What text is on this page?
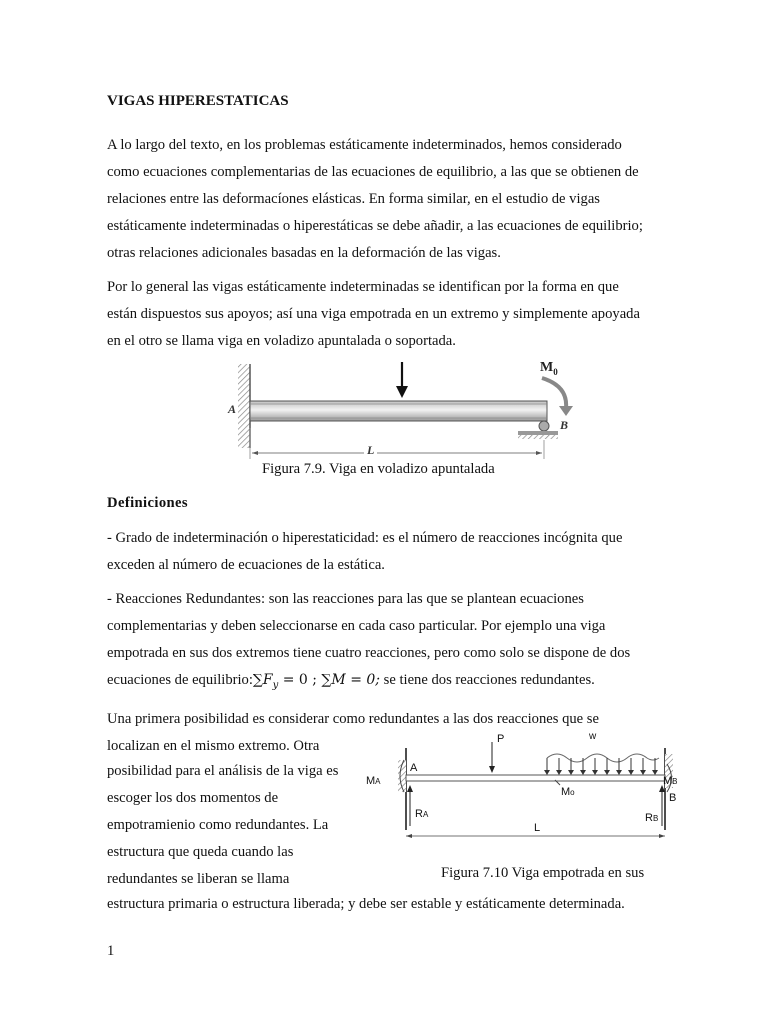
VIGAS HIPERESTATICAS
A lo largo del texto, en los problemas estáticamente indeterminados, hemos considerado
como ecuaciones complementarias de las ecuaciones de equilibrio, a las que se obtienen de
relaciones entre las deformacíones elásticas. En forma similar, en el estudio de vigas
estáticamente indeterminadas o hiperestáticas se debe añadir, a las ecuaciones de equilibrio;
otras relaciones adicionales basadas en la deformación de las vigas.
Por lo general las vigas estáticamente indeterminadas se identifican por la forma en que
están dispuestos sus apoyos; así una viga empotrada en un extremo y simplemente apoyada
en el otro se llama viga en voladizo apuntalada o soportada.
A
B
L
$M_0$
Figura 7.9. Viga en voladizo apuntalada
Definiciones
- Grado de indeterminación o hiperestaticidad: es el número de reacciones incógnita que
exceden al número de ecuaciones de la estática.
- Reacciones Redundantes: son las reacciones para las que se plantean ecuaciones
complementarias y deben seleccionarse en cada caso particular. Por ejemplo una viga
empotrada en sus dos extremos tiene cuatro reacciones, pero como solo se dispone de dos
ecuaciones de $equilibrio:\sum F_y = 0$ ; ∑M = 0; se tiene dos reacciones redundantes.
Una primera posibilidad es considerar como redundantes a las dos reacciones que se
localizan en el mismo extremo. Otra
posibilidad para el análisis de la viga es
escoger los dos momentos de
empotramienio como redundantes. La
estructura que queda cuando las
redundantes se liberan se llama
estructura primaria o estructura liberada; y debe ser estable y estáticamente determinada.
P	w
A
B
MA	MB
Mo
RA	RB
L
Figura 7.10 Viga empotrada en sus
1
